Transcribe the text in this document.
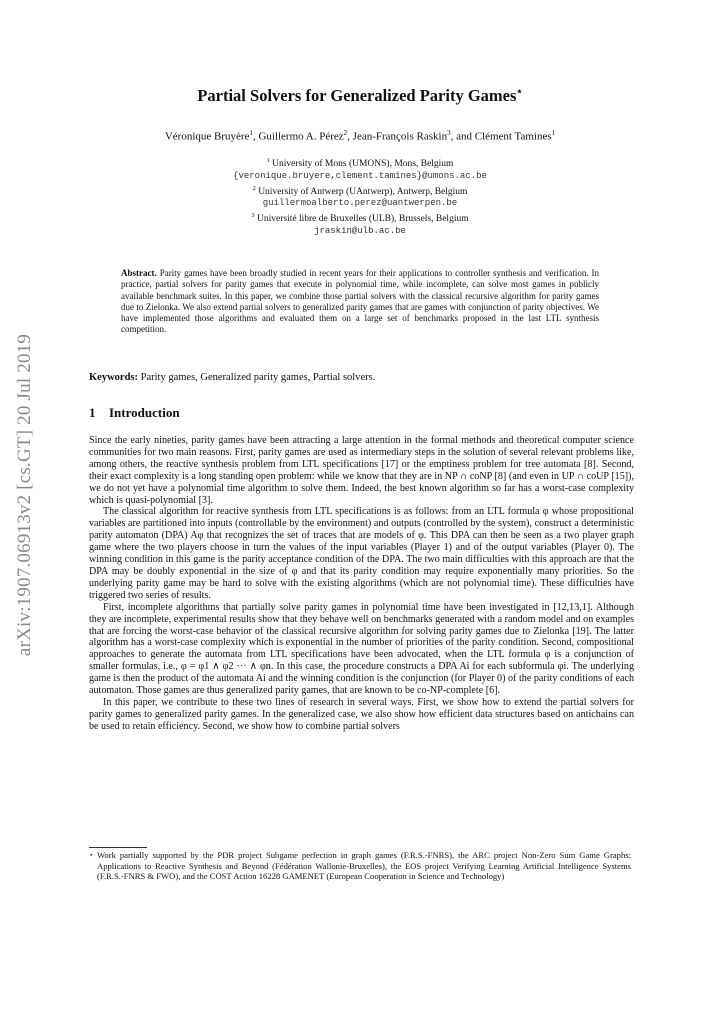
arXiv:1907.06913v2 [cs.GT] 20 Jul 2019
Partial Solvers for Generalized Parity Games⋆
Véronique Bruyère$^1$, Guillermo A. Pérez$^2$, Jean-François Raskin$^3$, and Clément Tamines$^1$
$^1$ University of Mons (UMONS), Mons, Belgium
{veronique.bruyere,clement.tamines}@umons.ac.be
$^2$ University of Antwerp (UAntwerp), Antwerp, Belgium
guillermoalberto.perez@uantwerpen.be
$^3$ Université libre de Bruxelles (ULB), Brussels, Belgium
jraskin@ulb.ac.be
Abstract. Parity games have been broadly studied in recent years for their applications to controller synthesis and verification. In practice, partial solvers for parity games that execute in polynomial time, while incomplete, can solve most games in publicly available benchmark suites. In this paper, we combine those partial solvers with the classical recursive algorithm for parity games due to Zielonka. We also extend partial solvers to generalized parity games that are games with conjunction of parity objectives. We have implemented those algorithms and evaluated them on a large set of benchmarks proposed in the last LTL synthesis competition.
Keywords: Parity games, Generalized parity games, Partial solvers.
1 Introduction

Since the early nineties, parity games have been attracting a large attention in the formal methods and theoretical computer science communities for two main reasons. First, parity games are used as intermediary steps in the solution of several relevant problems like, among others, the reactive synthesis problem from LTL specifications [17] or the emptiness problem for tree automata [8]. Second, their exact complexity is a long standing open problem: while we know that they are in NP ∩ coNP [8] (and even in UP ∩ coUP [15]), we do not yet have a polynomial time algorithm to solve them. Indeed, the best known algorithm so far has a worst-case complexity which is quasi-polynomial [3].

The classical algorithm for reactive synthesis from LTL specifications is as follows: from an LTL formula φ whose propositional variables are partitioned into inputs (controllable by the environment) and outputs (controlled by the system), construct a deterministic parity automaton (DPA) Aφ that recognizes the set of traces that are models of φ. This DPA can then be seen as a two player graph game where the two players choose in turn the values of the input variables (Player 1) and of the output variables (Player 0). The winning condition in this game is the parity acceptance condition of the DPA. The two main difficulties with this approach are that the DPA may be doubly exponential in the size of φ and that its parity condition may require exponentially many priorities. So the underlying parity game may be hard to solve with the existing algorithms (which are not polynomial time). These difficulties have triggered two series of results.

First, incomplete algorithms that partially solve parity games in polynomial time have been investigated in [12,13,1]. Although they are incomplete, experimental results show that they behave well on benchmarks generated with a random model and on examples that are forcing the worst-case behavior of the classical recursive algorithm for solving parity games due to Zielonka [19]. The latter algorithm has a worst-case complexity which is exponential in the number of priorities of the parity condition. Second, compositional approaches to generate the automata from LTL specifications have been advocated, when the LTL formula φ is a conjunction of smaller formulas, i.e., φ = φ1 ∧ φ2 ··· ∧ φn. In this case, the procedure constructs a DPA Ai for each subformula φi. The underlying game is then the product of the automata Ai and the winning condition is the conjunction (for Player 0) of the parity conditions of each automaton. Those games are thus generalized parity games, that are known to be co-NP-complete [6].

In this paper, we contribute to these two lines of research in several ways. First, we show how to extend the partial solvers for parity games to generalized parity games. In the generalized case, we also show how efficient data structures based on antichains can be used to retain efficiency. Second, we show how to combine partial solvers

⋆ Work partially supported by the PDR project Subgame perfection in graph games (F.R.S.-FNRS), the ARC project Non-Zero Sum Game Graphs: Applications to Reactive Synthesis and Beyond (Fédération Wallonie-Bruxelles), the EOS project Verifying Learning Artificial Intelligence Systems (F.R.S.-FNRS & FWO), and the COST Action 16228 GAMENET (European Cooperation in Science and Technology)
